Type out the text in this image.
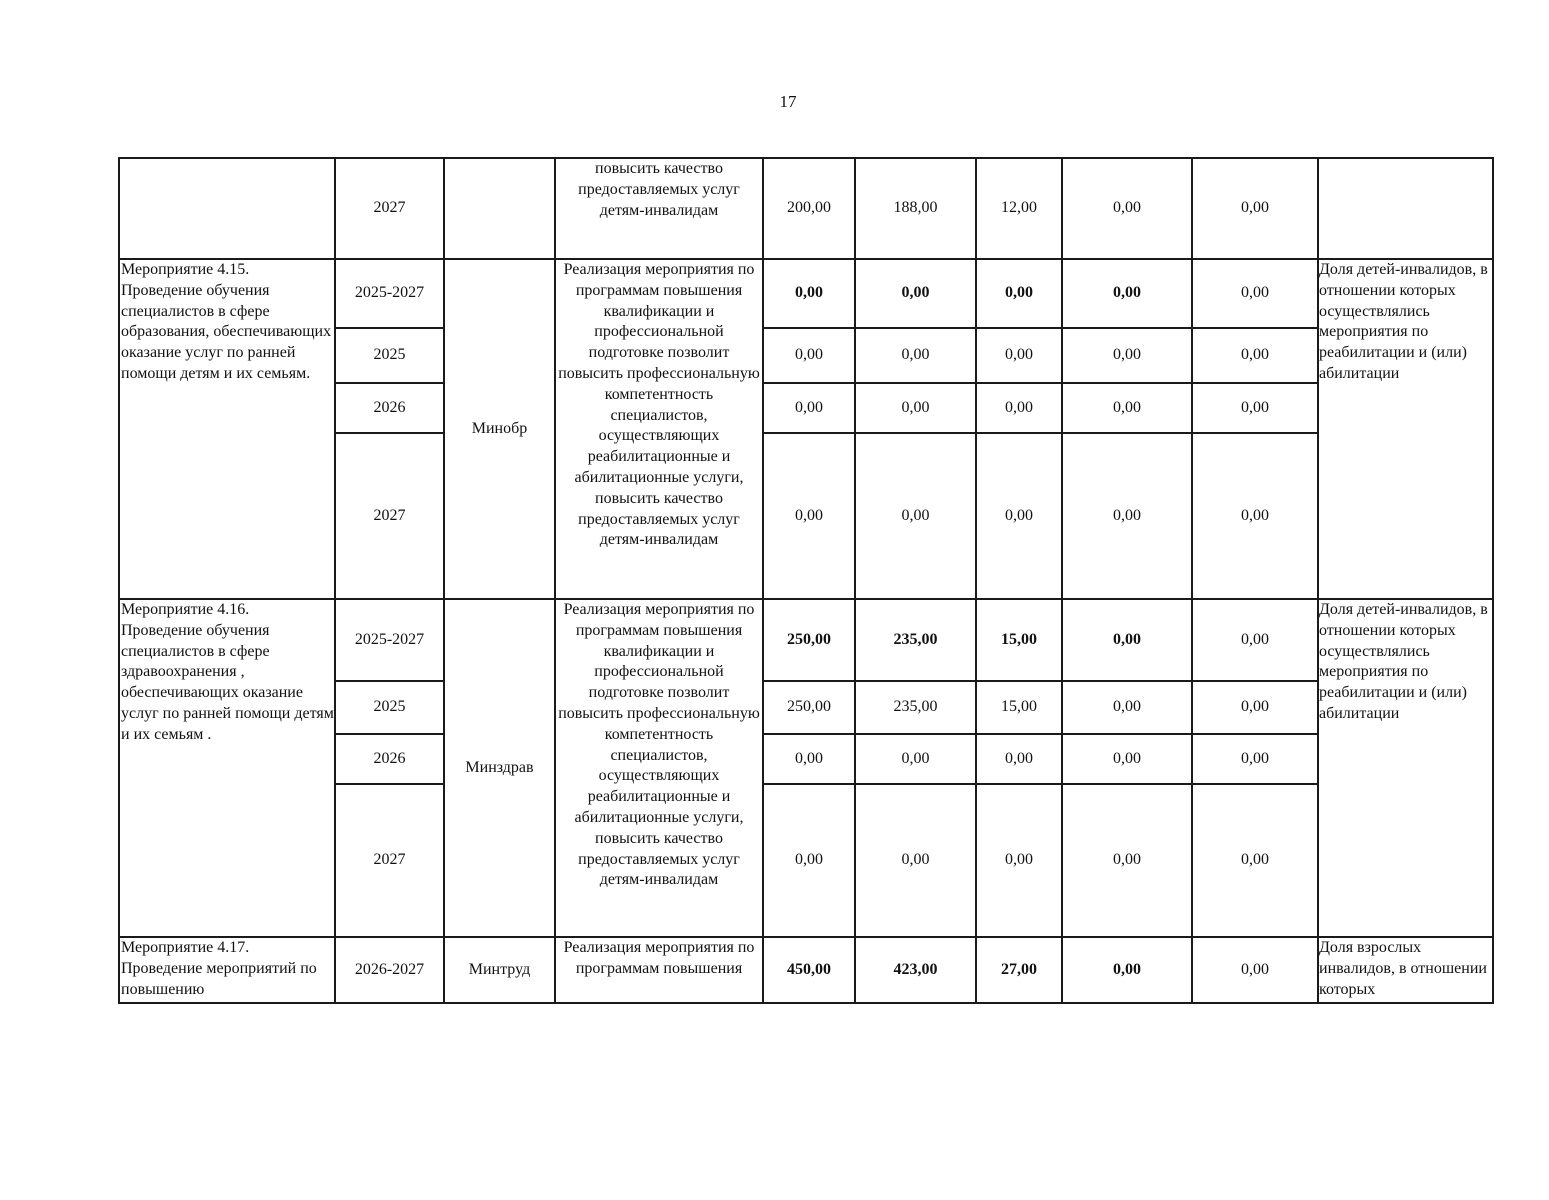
17
	2027		повысить качество предоставляемых услуг детям-инвалидам	200,00	188,00	12,00	0,00	0,00	
Мероприятие 4.15. Проведение обучения специалистов в сфере образования, обеспечивающих оказание услуг по ранней помощи детям и их семьям.	2025-2027	Минобр	Реализация мероприятия по программам повышения квалификации и профессиональной подготовке позволит повысить профессиональную компетентность специалистов, осуществляющих реабилитационные и абилитационные услуги, повысить качество предоставляемых услуг детям-инвалидам	0,00	0,00	0,00	0,00	0,00	Доля детей-инвалидов, в отношении которых осуществлялись мероприятия по реабилитации и (или) абилитации
	2025			0,00	0,00	0,00	0,00	0,00	
	2026			0,00	0,00	0,00	0,00	0,00	
	2027			0,00	0,00	0,00	0,00	0,00	
Мероприятие 4.16. Проведение обучения специалистов в сфере здравоохранения , обеспечивающих оказание услуг по ранней помощи детям и их семьям .	2025-2027	Минздрав	Реализация мероприятия по программам повышения квалификации и профессиональной подготовке позволит повысить профессиональную компетентность специалистов, осуществляющих реабилитационные и абилитационные услуги, повысить качество предоставляемых услуг детям-инвалидам	250,00	235,00	15,00	0,00	0,00	Доля детей-инвалидов, в отношении которых осуществлялись мероприятия по реабилитации и (или) абилитации
	2025			250,00	235,00	15,00	0,00	0,00	
	2026			0,00	0,00	0,00	0,00	0,00	
	2027			0,00	0,00	0,00	0,00	0,00	
Мероприятие 4.17. Проведение мероприятий по повышению	2026-2027	Минтруд	Реализация мероприятия по программам повышения	450,00	423,00	27,00	0,00	0,00	Доля взрослых инвалидов, в отношении которых
